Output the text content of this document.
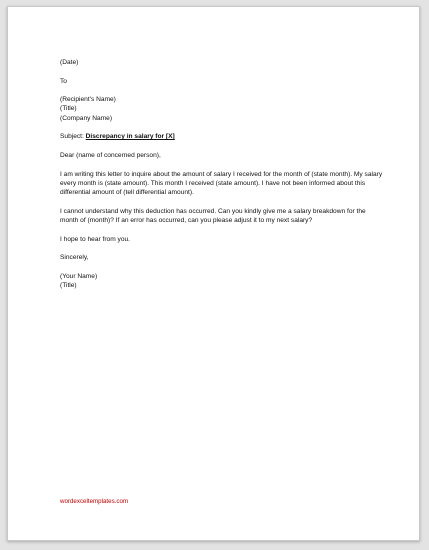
(Date)
To
(Recipient's Name)
(Title)
(Company Name)
Subject: Discrepancy in salary for [X]
Dear (name of concerned person),
I am writing this letter to inquire about the amount of salary I received for the month of (state month). My salary every month is (state amount). This month I received (state amount). I have not been informed about this differential amount of (tell differential amount).
I cannot understand why this deduction has occurred. Can you kindly give me a salary breakdown for the month of (month)? If an error has occurred, can you please adjust it to my next salary?
I hope to hear from you.
Sincerely,
(Your Name)
(Title)
wordexceltemplates.com
